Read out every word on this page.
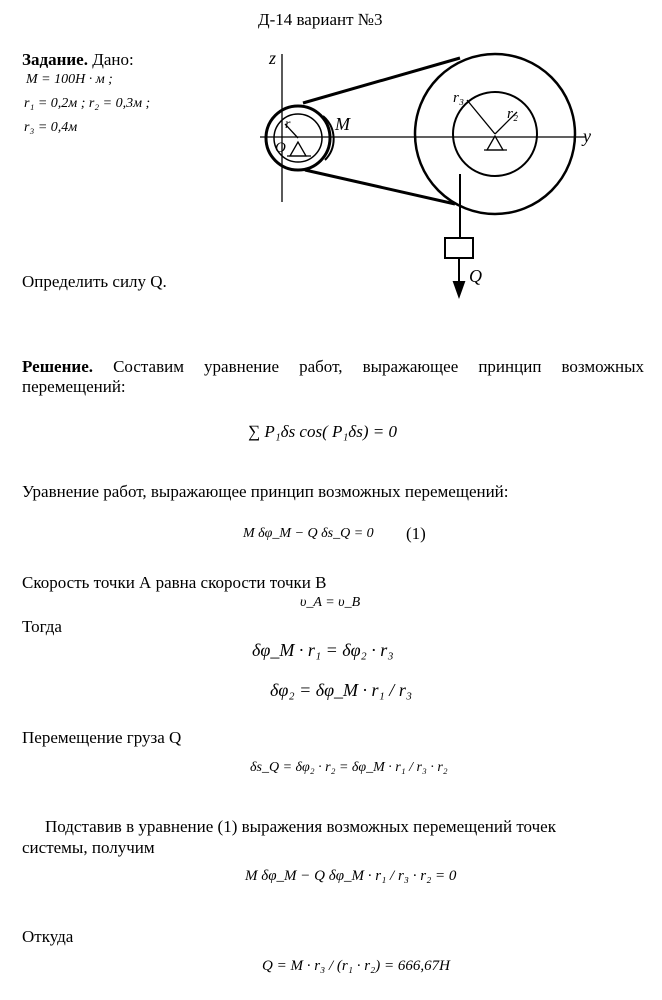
Д-14 вариант №3
Задание. Дано:
M = 100H · м ;
r₁ = 0,2м ; r₂ = 0,3м ;
r₃ = 0,4м
z
y
M
Q
r
r₂
r₃
O
Определить силу Q.
Решение. Составим уравнение работ, выражающее принцип возможных
перемещений:
∑ P₁δs cos( P₁δs) = 0
Уравнение работ, выражающее принцип возможных перемещений:
M δφ_M − Q δs_Q = 0 (1)
Скорость точки А равна скорости точки В
υ_A = υ_B
Тогда
δφ_M · r₁ = δφ₂ · r₃
δφ₂ = δφ_M · r₁ / r₃
Перемещение груза Q
δs_Q = δφ₂ · r₂ = δφ_M · r₁ / r₃ · r₂
Подставив в уравнение (1) выражения возможных перемещений точек
системы, получим
M δφ_M − Q δφ_M · r₁ / r₃ · r₂ = 0
Откуда
Q = M · r₃ / (r₁ · r₂) = 666,67H
